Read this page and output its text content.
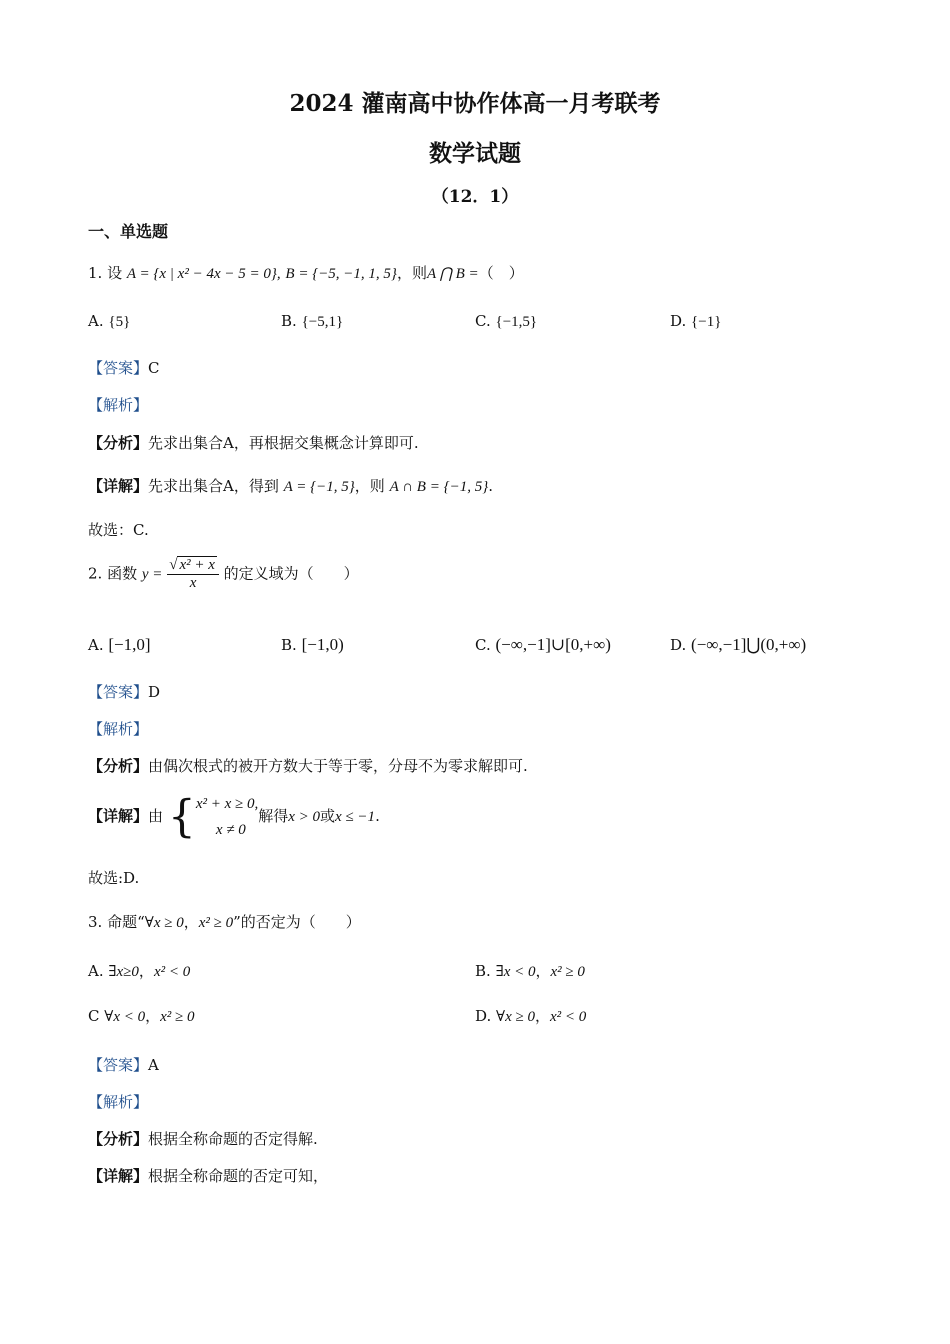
2024 灌南高中协作体高一月考联考
数学试题
（12．1）
一、单选题
1. 设 A = {x | x² − 4x − 5 = 0}, B = {−5, −1, 1, 5}，则A ⋂ B =（　）
A. {5}	B. {−5,1}	C. {−1,5}	D. {−1}
【答案】C
【解析】
【分析】先求出集合A，再根据交集概念计算即可.
【详解】先求出集合A，得到 A = {−1, 5}，则 A ∩ B = {−1, 5}.
故选：C.
2. 函数 $y = \frac{\text{√ x² + x}}{x}$ 的定义域为（　　）
A. [−1,0]	B. [−1,0)	C. (−∞,−1]∪[0,+∞)	D. (−∞,−1]⋃(0,+∞)
【答案】D
【解析】
【分析】由偶次根式的被开方数大于等于零，分母不为零求解即可.
【详解】由 { x² + x ≥ 0,
x ≠ 0
解得x > 0或x ≤ −1.
故选:D.
3. 命题“∀x ≥ 0，x² ≥ 0”的否定为（　　）
A. ∃x≥0，x² < 0	B. ∃x < 0，x² ≥ 0
C ∀x < 0，x² ≥ 0	D. ∀x ≥ 0，x² < 0
【答案】A
【解析】
【分析】根据全称命题的否定得解.
【详解】根据全称命题的否定可知，
